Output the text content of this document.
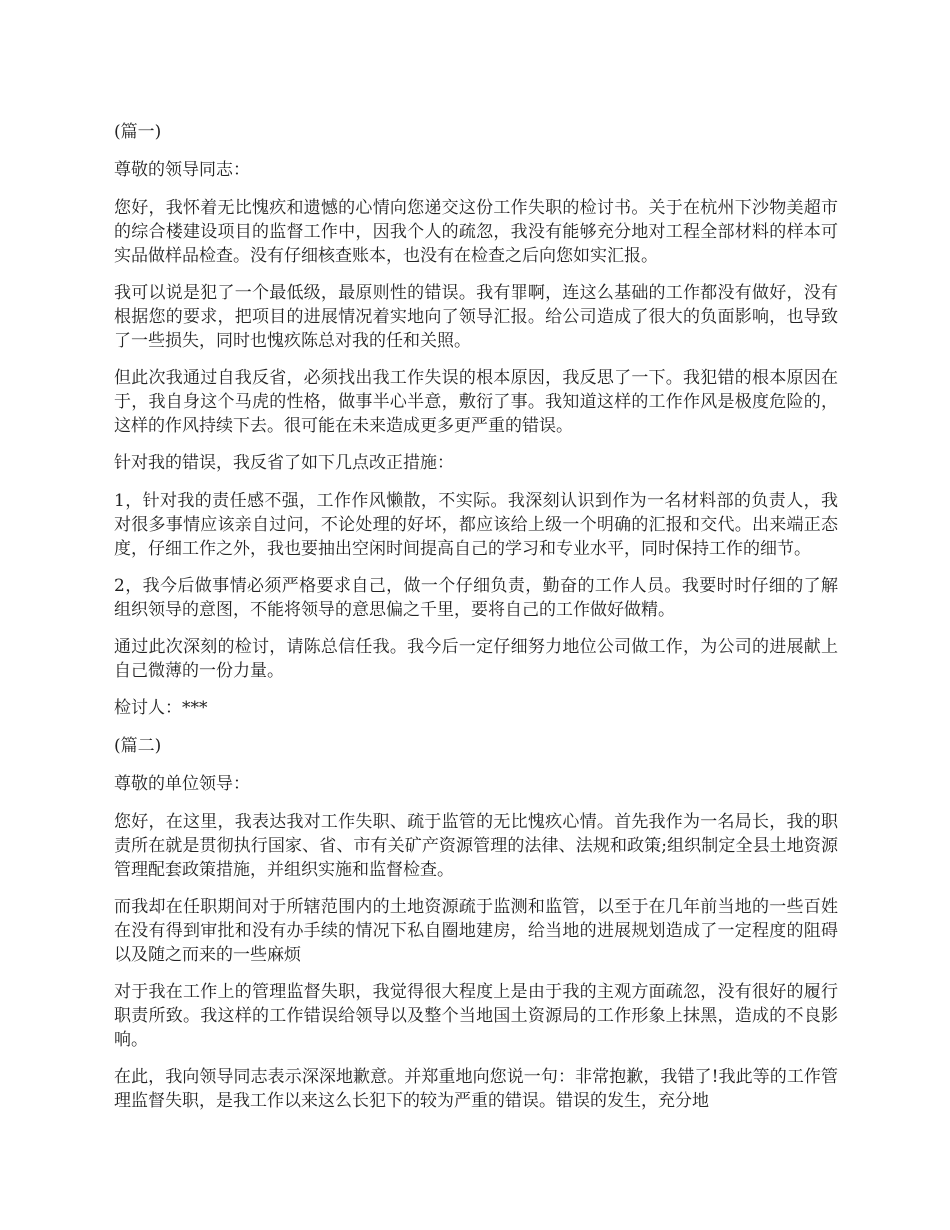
(篇一)

尊敬的领导同志：

您好，我怀着无比愧疚和遗憾的心情向您递交这份工作失职的检讨书。关于在杭州下沙物美超市的综合楼建设项目的监督工作中，因我个人的疏忽，我没有能够充分地对工程全部材料的样本可实品做样品检查。没有仔细核查账本，也没有在检查之后向您如实汇报。

我可以说是犯了一个最低级，最原则性的错误。我有罪啊，连这么基础的工作都没有做好，没有根据您的要求，把项目的进展情况着实地向了领导汇报。给公司造成了很大的负面影响，也导致了一些损失，同时也愧疚陈总对我的任和关照。

但此次我通过自我反省，必须找出我工作失误的根本原因，我反思了一下。我犯错的根本原因在于，我自身这个马虎的性格，做事半心半意，敷衍了事。我知道这样的工作作风是极度危险的，这样的作风持续下去。很可能在未来造成更多更严重的错误。

针对我的错误，我反省了如下几点改正措施：

1，针对我的责任感不强，工作作风懒散，不实际。我深刻认识到作为一名材料部的负责人，我对很多事情应该亲自过问，不论处理的好坏，都应该给上级一个明确的汇报和交代。出来端正态度，仔细工作之外，我也要抽出空闲时间提高自己的学习和专业水平，同时保持工作的细节。

2，我今后做事情必须严格要求自己，做一个仔细负责，勤奋的工作人员。我要时时仔细的了解组织领导的意图，不能将领导的意思偏之千里，要将自己的工作做好做精。

通过此次深刻的检讨，请陈总信任我。我今后一定仔细努力地位公司做工作，为公司的进展献上自己微薄的一份力量。

检讨人：***

(篇二)

尊敬的单位领导：

您好，在这里，我表达我对工作失职、疏于监管的无比愧疚心情。首先我作为一名局长，我的职责所在就是贯彻执行国家、省、市有关矿产资源管理的法律、法规和政策;组织制定全县土地资源管理配套政策措施，并组织实施和监督检查。

而我却在任职期间对于所辖范围内的土地资源疏于监测和监管，以至于在几年前当地的一些百姓在没有得到审批和没有办手续的情况下私自圈地建房，给当地的进展规划造成了一定程度的阻碍以及随之而来的一些麻烦

对于我在工作上的管理监督失职，我觉得很大程度上是由于我的主观方面疏忽，没有很好的履行职责所致。我这样的工作错误给领导以及整个当地国土资源局的工作形象上抹黑，造成的不良影响。

在此，我向领导同志表示深深地歉意。并郑重地向您说一句：非常抱歉，我错了!我此等的工作管理监督失职，是我工作以来这么长犯下的较为严重的错误。错误的发生，充分地
